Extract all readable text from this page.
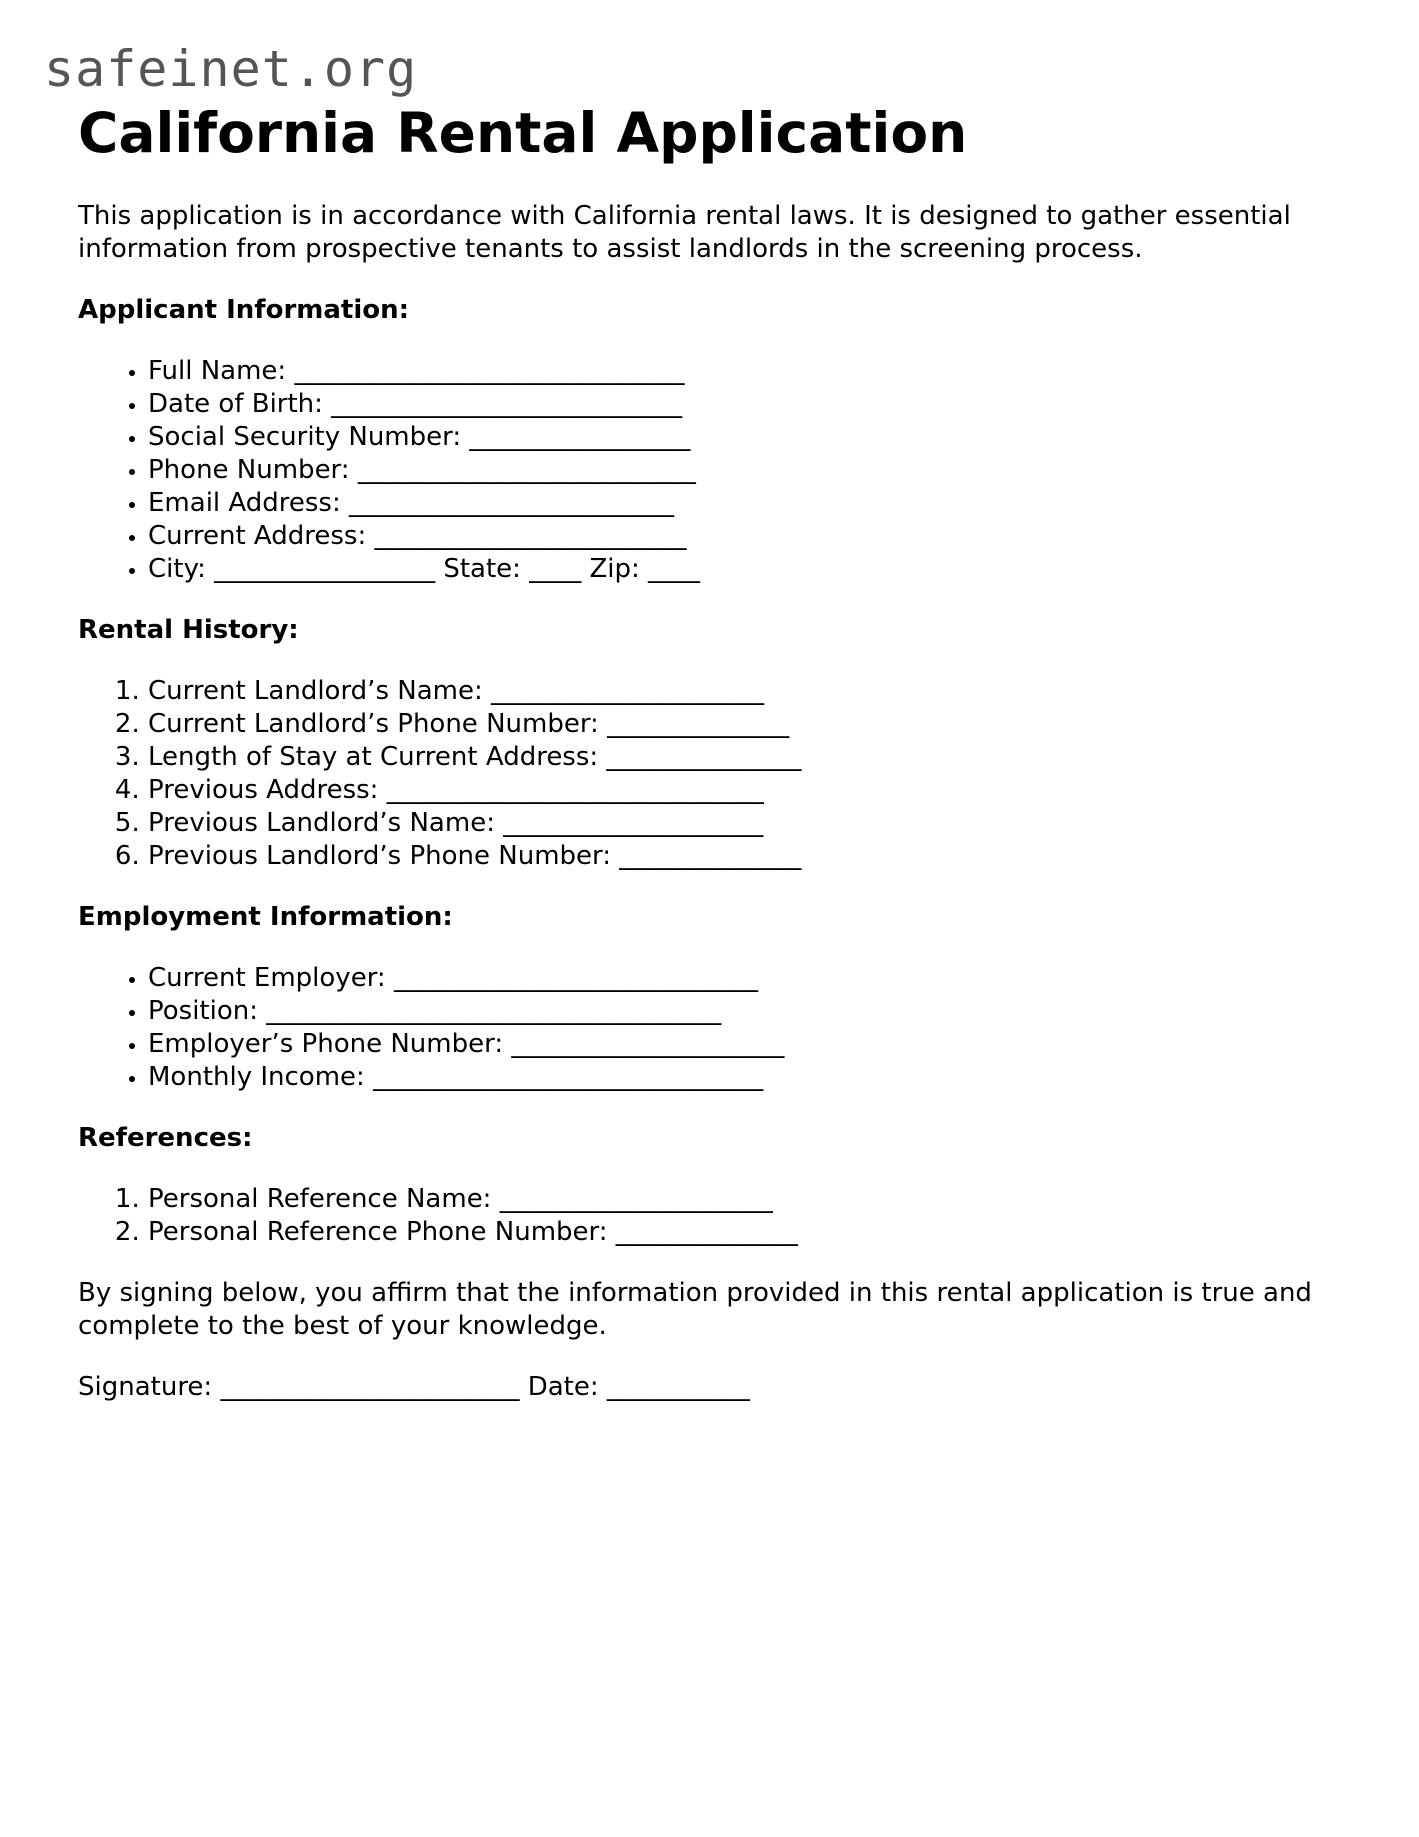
safeinet.org
California Rental Application

This application is in accordance with California rental laws. It is designed to gather essential information from prospective tenants to assist landlords in the screening process.

Applicant Information:
• Full Name: ______________________________
• Date of Birth: ___________________________
• Social Security Number: _________________
• Phone Number: __________________________
• Email Address: _________________________
• Current Address: ________________________
• City: _________________ State: ____ Zip: ____
Rental History:
1. Current Landlord’s Name: _____________________
2. Current Landlord’s Phone Number: ______________
3. Length of Stay at Current Address: _______________
4. Previous Address: _____________________________
5. Previous Landlord’s Name: ____________________
6. Previous Landlord’s Phone Number: ______________
Employment Information:
• Current Employer: ____________________________
• Position: ___________________________________
• Employer’s Phone Number: _____________________
• Monthly Income: ______________________________
References:
1. Personal Reference Name: _____________________
2. Personal Reference Phone Number: ______________

By signing below, you affirm that the information provided in this rental application is true and complete to the best of your knowledge.

Signature: _______________________ Date: ___________
